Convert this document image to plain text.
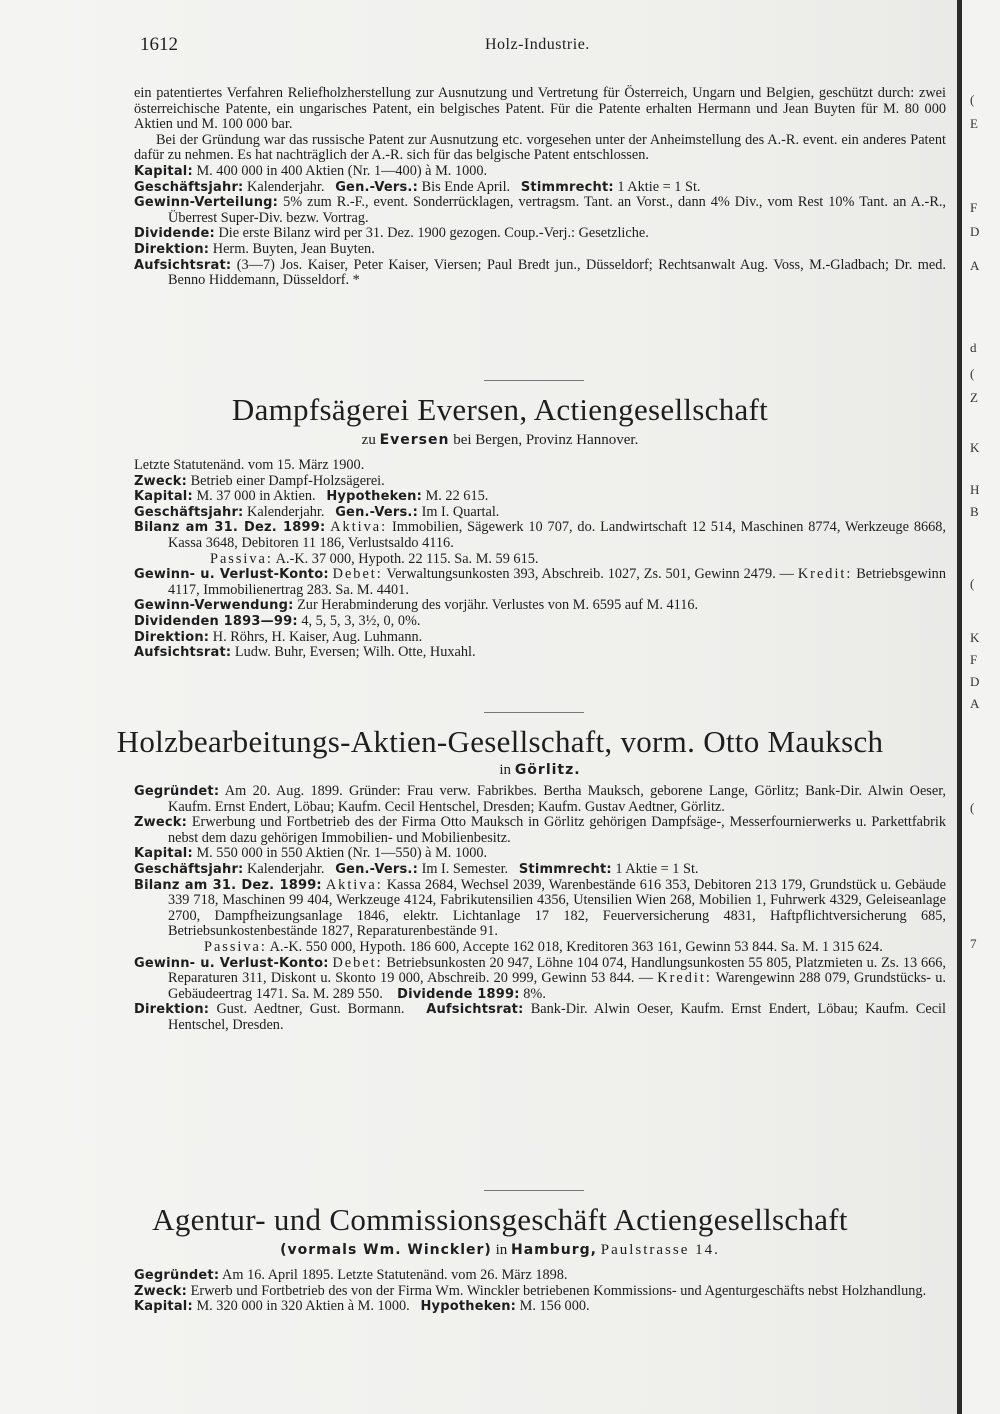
1612	Holz-Industrie.

ein patentiertes Verfahren Reliefholzherstellung zur Ausnutzung und Vertretung für Österreich, Ungarn und Belgien, geschützt durch: zwei österreichische Patente, ein ungarisches Patent, ein belgisches Patent. Für die Patente erhalten Hermann und Jean Buyten für M. 80 000 Aktien und M. 100 000 bar.

Bei der Gründung war das russische Patent zur Ausnutzung etc. vorgesehen unter der Anheimstellung des A.-R. event. ein anderes Patent dafür zu nehmen. Es hat nachträglich der A.-R. sich für das belgische Patent entschlossen.

Kapital: M. 400 000 in 400 Aktien (Nr. 1—400) à M. 1000.

Geschäftsjahr: Kalenderjahr. Gen.-Vers.: Bis Ende April. Stimmrecht: 1 Aktie = 1 St.

Gewinn-Verteilung: 5% zum R.-F., event. Sonderrücklagen, vertragsm. Tant. an Vorst., dann 4% Div., vom Rest 10% Tant. an A.-R., Überrest Super-Div. bezw. Vortrag.

Dividende: Die erste Bilanz wird per 31. Dez. 1900 gezogen. Coup.-Verj.: Gesetzliche.

Direktion: Herm. Buyten, Jean Buyten.

Aufsichtsrat: (3—7) Jos. Kaiser, Peter Kaiser, Viersen; Paul Bredt jun., Düsseldorf; Rechtsanwalt Aug. Voss, M.-Gladbach; Dr. med. Benno Hiddemann, Düsseldorf. *

Dampfsägerei Eversen, Actiengesellschaft
zu Eversen bei Bergen, Provinz Hannover.

Letzte Statutenänd. vom 15. März 1900.

Zweck: Betrieb einer Dampf-Holzsägerei.

Kapital: M. 37 000 in Aktien. Hypotheken: M. 22 615.

Geschäftsjahr: Kalenderjahr. Gen.-Vers.: Im I. Quartal.

Bilanz am 31. Dez. 1899: Aktiva: Immobilien, Sägewerk 10 707, do. Landwirtschaft 12 514, Maschinen 8774, Werkzeuge 8668, Kassa 3648, Debitoren 11 186, Verlustsaldo 4116.

Passiva: A.-K. 37 000, Hypoth. 22 115. Sa. M. 59 615.

Gewinn- u. Verlust-Konto: Debet: Verwaltungsunkosten 393, Abschreib. 1027, Zs. 501, Gewinn 2479. — Kredit: Betriebsgewinn 4117, Immobilienertrag 283. Sa. M. 4401.

Gewinn-Verwendung: Zur Herabminderung des vorjähr. Verlustes von M. 6595 auf M. 4116.

Dividenden 1893—99: 4, 5, 5, 3, 3½, 0, 0%.

Direktion: H. Röhrs, H. Kaiser, Aug. Luhmann.

Aufsichtsrat: Ludw. Buhr, Eversen; Wilh. Otte, Huxahl.

Holzbearbeitungs-Aktien-Gesellschaft, vorm. Otto Mauksch
in Görlitz.

Gegründet: Am 20. Aug. 1899. Gründer: Frau verw. Fabrikbes. Bertha Mauksch, geborene Lange, Görlitz; Bank-Dir. Alwin Oeser, Kaufm. Ernst Endert, Löbau; Kaufm. Cecil Hentschel, Dresden; Kaufm. Gustav Aedtner, Görlitz.

Zweck: Erwerbung und Fortbetrieb des der Firma Otto Mauksch in Görlitz gehörigen Dampfsäge-, Messerfournierwerks u. Parkettfabrik nebst dem dazu gehörigen Immobilien- und Mobilienbesitz.

Kapital: M. 550 000 in 550 Aktien (Nr. 1—550) à M. 1000.

Geschäftsjahr: Kalenderjahr. Gen.-Vers.: Im I. Semester. Stimmrecht: 1 Aktie = 1 St.

Bilanz am 31. Dez. 1899: Aktiva: Kassa 2684, Wechsel 2039, Warenbestände 616 353, Debitoren 213 179, Grundstück u. Gebäude 339 718, Maschinen 99 404, Werkzeuge 4124, Fabrikutensilien 4356, Utensilien Wien 268, Mobilien 1, Fuhrwerk 4329, Geleiseanlage 2700, Dampfheizungsanlage 1846, elektr. Lichtanlage 17 182, Feuerversicherung 4831, Haftpflichtversicherung 685, Betriebsunkostenbestände 1827, Reparaturenbestände 91.

Passiva: A.-K. 550 000, Hypoth. 186 600, Accepte 162 018, Kreditoren 363 161, Gewinn 53 844. Sa. M. 1 315 624.

Gewinn- u. Verlust-Konto: Debet: Betriebsunkosten 20 947, Löhne 104 074, Handlungsunkosten 55 805, Platzmieten u. Zs. 13 666, Reparaturen 311, Diskont u. Skonto 19 000, Abschreib. 20 999, Gewinn 53 844. — Kredit: Warengewinn 288 079, Grundstücks- u. Gebäudeertrag 1471. Sa. M. 289 550. Dividende 1899: 8%.

Direktion: Gust. Aedtner, Gust. Bormann. Aufsichtsrat: Bank-Dir. Alwin Oeser, Kaufm. Ernst Endert, Löbau; Kaufm. Cecil Hentschel, Dresden.

Agentur- und Commissionsgeschäft Actiengesellschaft
(vormals Wm. Winckler) in Hamburg, Paulstrasse 14.

Gegründet: Am 16. April 1895. Letzte Statutenänd. vom 26. März 1898.

Zweck: Erwerb und Fortbetrieb des von der Firma Wm. Winckler betriebenen Kommissions- und Agenturgeschäfts nebst Holzhandlung.

Kapital: M. 320 000 in 320 Aktien à M. 1000. Hypotheken: M. 156 000.

(
E
F
D
A
d
(
Z
K
H
B
(
K
F
D
A
(
7
